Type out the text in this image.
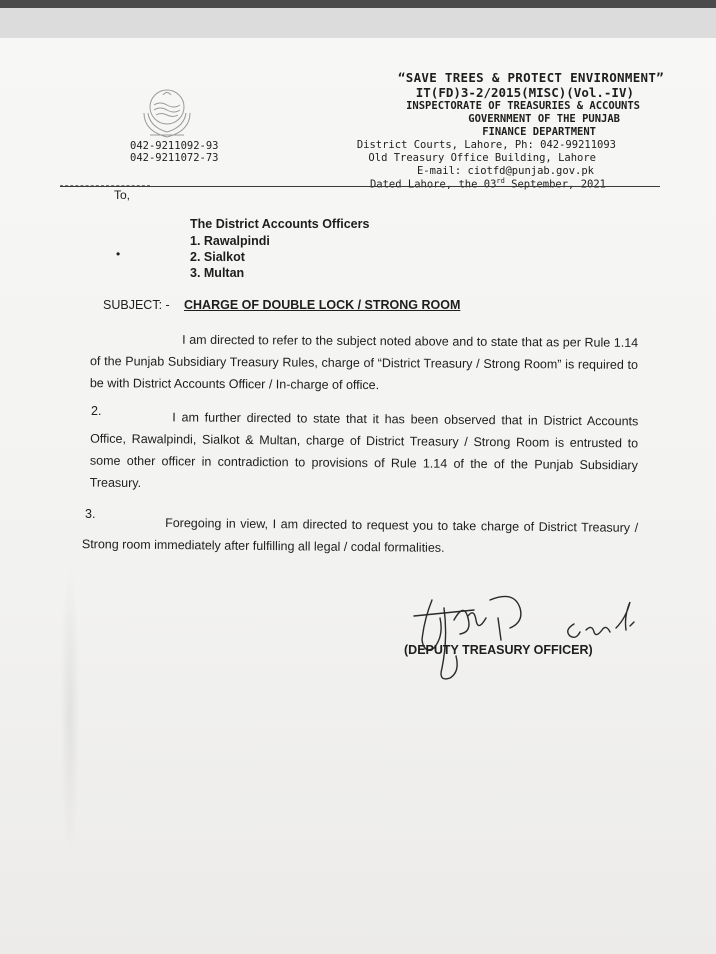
“SAVE TREES & PROTECT ENVIRONMENT”
IT(FD)3-2/2015(MISC)(Vol.-IV)
INSPECTORATE OF TREASURIES & ACCOUNTS
GOVERNMENT OF THE PUNJAB
FINANCE DEPARTMENT
District Courts, Lahore, Ph: 042-99211093
Old Treasury Office Building, Lahore
E-mail: ciotfd@punjab.gov.pk
Dated Lahore, the 03rd September, 2021
042-9211092-93
042-9211072-73
To,
The District Accounts Officers
•
1. Rawalpindi
2. Sialkot
3. Multan
SUBJECT: - CHARGE OF DOUBLE LOCK / STRONG ROOM
I am directed to refer to the subject noted above and to state that as per Rule 1.14 of the Punjab Subsidiary Treasury Rules, charge of “District Treasury / Strong Room” is required to be with District Accounts Officer / In-charge of office.
2.	I am further directed to state that it has been observed that in District Accounts Office, Rawalpindi, Sialkot & Multan, charge of District Treasury / Strong Room is entrusted to some other officer in contradiction to provisions of Rule 1.14 of the of the Punjab Subsidiary Treasury.
3.
Foregoing in view, I am directed to request you to take charge of District Treasury / Strong room immediately after fulfilling all legal / codal formalities.
(DEPUTY TREASURY OFFICER)
